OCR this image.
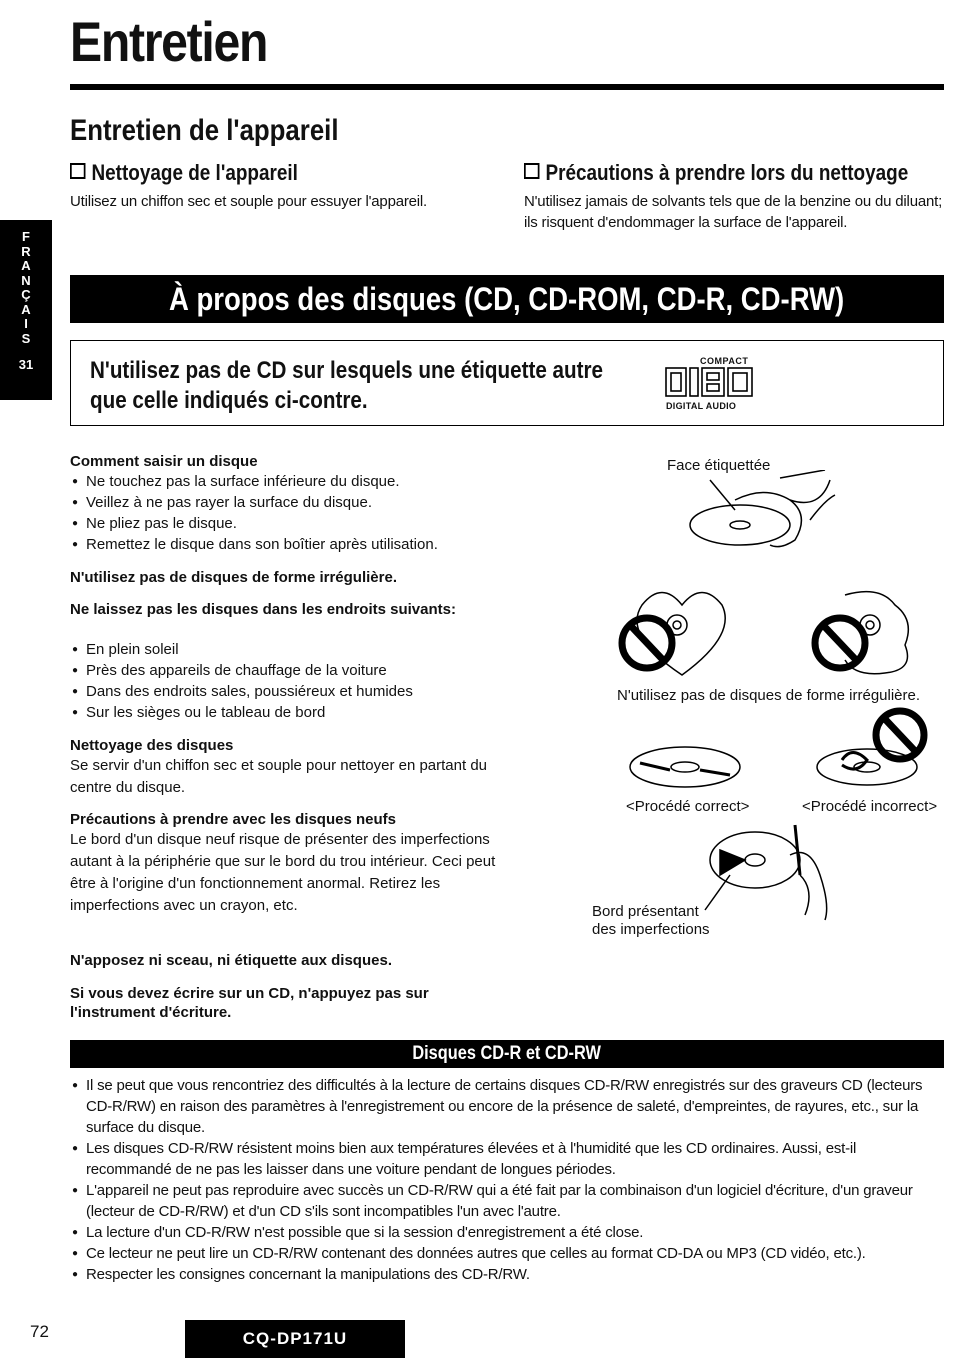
Entretien
Entretien de l'appareil
Nettoyage de l'appareil
Utilisez un chiffon sec et souple pour essuyer l'appareil.
Précautions à prendre lors du nettoyage
N'utilisez jamais de solvants tels que de la benzine ou du diluant; ils risquent d'endommager la surface de l'appareil.
F
R
A
N
Ç
A
I
S
31
À propos des disques (CD, CD-ROM, CD-R, CD-RW)
N'utilisez pas de CD sur lesquels une étiquette autre que celle indiqués ci-contre.
COMPACT
DIGITAL AUDIO
Comment saisir un disque
● Ne touchez pas la surface inférieure du disque.
● Veillez à ne pas rayer la surface du disque.
● Ne pliez pas le disque.
● Remettez le disque dans son boîtier après utilisation.
N'utilisez pas de disques de forme irrégulière.
Ne laissez pas les disques dans les endroits suivants:
● En plein soleil
● Près des appareils de chauffage de la voiture
● Dans des endroits sales, poussiéreux et humides
● Sur les sièges ou le tableau de bord
Nettoyage des disques
Se servir d'un chiffon sec et souple pour nettoyer en partant du centre du disque.
Précautions à prendre avec les disques neufs
Le bord d'un disque neuf risque de présenter des imperfections autant à la périphérie que sur le bord du trou intérieur. Ceci peut être à l'origine d'un fonctionnement anormal. Retirez les imperfections avec un crayon, etc.
N'apposez ni sceau, ni étiquette aux disques.
Si vous devez écrire sur un CD, n'appuyez pas sur l'instrument d'écriture.
Face étiquettée
N'utilisez pas de disques de forme irrégulière.
<Procédé correct>	<Procédé incorrect>
Bord présentant
des imperfections
Disques CD-R et CD-RW
● Il se peut que vous rencontriez des difficultés à la lecture de certains disques CD-R/RW enregistrés sur des graveurs CD (lecteurs CD-R/RW) en raison des paramètres à l'enregistrement ou encore de la présence de saleté, d'empreintes, de rayures, etc., sur la surface du disque.
● Les disques CD-R/RW résistent moins bien aux températures élevées et à l'humidité que les CD ordinaires. Aussi, est-il recommandé de ne pas les laisser dans une voiture pendant de longues périodes.
● L'appareil ne peut pas reproduire avec succès un CD-R/RW qui a été fait par la combinaison d'un logiciel d'écriture, d'un graveur (lecteur de CD-R/RW) et d'un CD s'ils sont incompatibles l'un avec l'autre.
● La lecture d'un CD-R/RW n'est possible que si la session d'enregistrement a été close.
● Ce lecteur ne peut lire un CD-R/RW contenant des données autres que celles au format CD-DA ou MP3 (CD vidéo, etc.).
● Respecter les consignes concernant la manipulations des CD-R/RW.
72	CQ-DP171U
